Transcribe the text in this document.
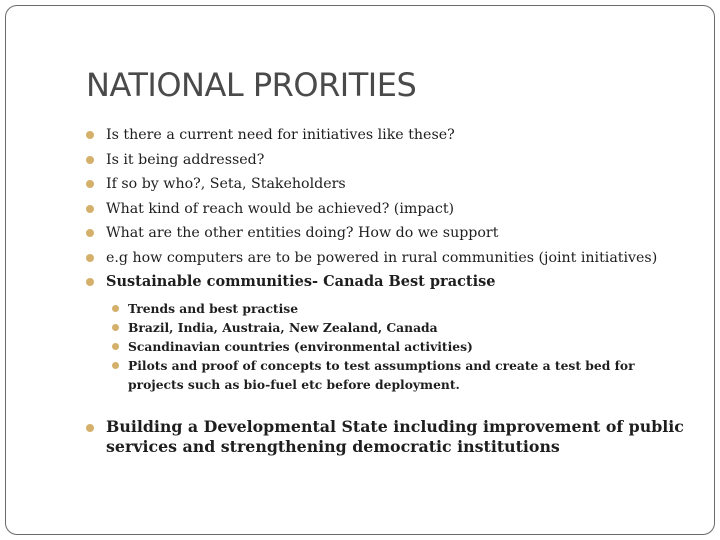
NATIONAL PRORITIES
Is there a current need for initiatives like these?
Is it being addressed?
If so by who?, Seta, Stakeholders
What kind of reach would be achieved? (impact)
What are the other entities doing? How do we support
e.g how computers are to be powered in rural communities (joint initiatives)
Sustainable communities- Canada Best practise
Trends and best practise
Brazil, India, Austraia, New Zealand, Canada
Scandinavian countries (environmental activities)
Pilots and proof of concepts to test assumptions and create a test bed for projects such as bio-fuel etc before deployment.
Building a Developmental State including improvement of public services and strengthening democratic institutions
